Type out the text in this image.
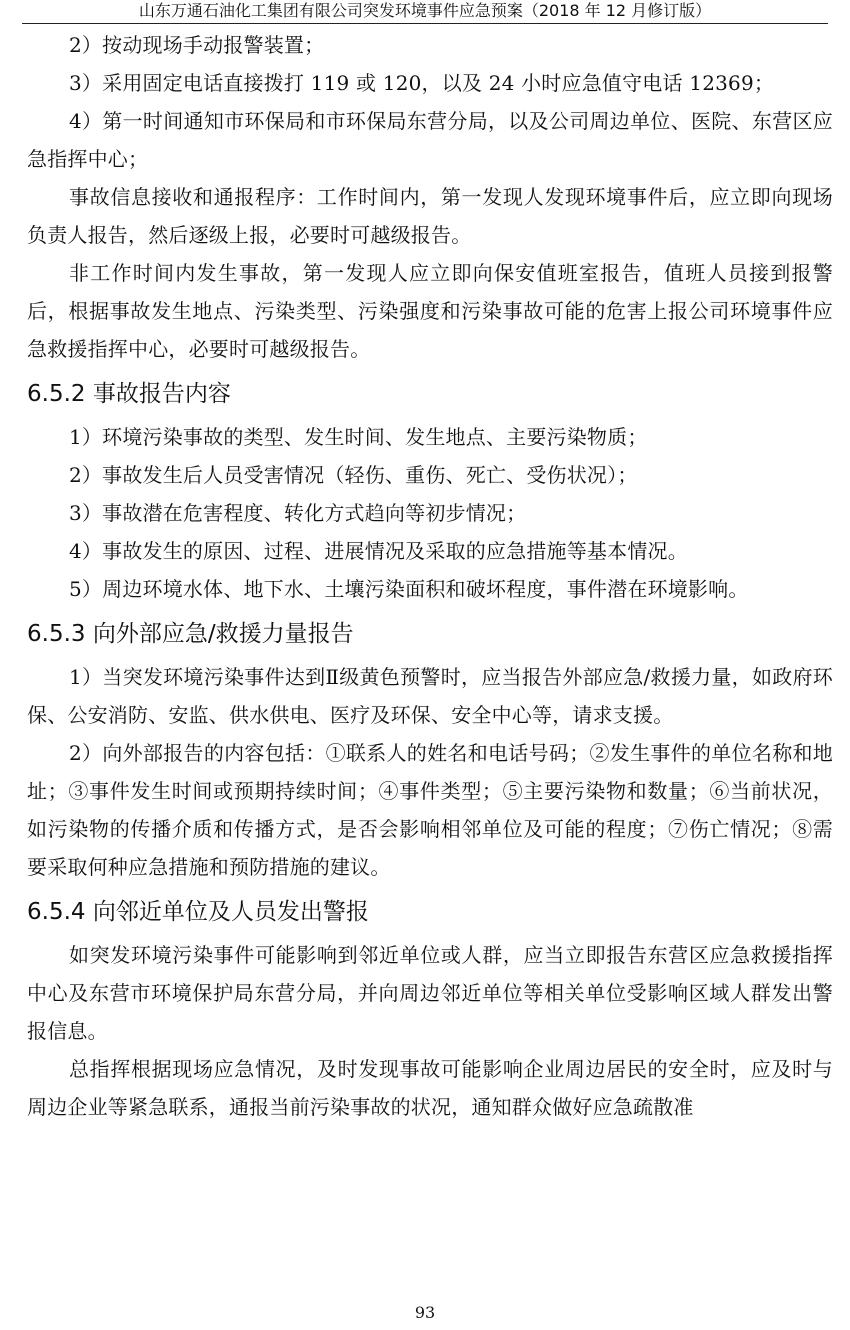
山东万通石油化工集团有限公司突发环境事件应急预案（2018 年 12 月修订版）

2）按动现场手动报警装置；

3）采用固定电话直接拨打 119 或 120，以及 24 小时应急值守电话 12369；

4）第一时间通知市环保局和市环保局东营分局，以及公司周边单位、医院、东营区应急指挥中心；

事故信息接收和通报程序：工作时间内，第一发现人发现环境事件后，应立即向现场负责人报告，然后逐级上报，必要时可越级报告。

非工作时间内发生事故，第一发现人应立即向保安值班室报告，值班人员接到报警后，根据事故发生地点、污染类型、污染强度和污染事故可能的危害上报公司环境事件应急救援指挥中心，必要时可越级报告。

6.5.2 事故报告内容

1）环境污染事故的类型、发生时间、发生地点、主要污染物质；

2）事故发生后人员受害情况（轻伤、重伤、死亡、受伤状况）；

3）事故潜在危害程度、转化方式趋向等初步情况；

4）事故发生的原因、过程、进展情况及采取的应急措施等基本情况。

5）周边环境水体、地下水、土壤污染面积和破坏程度，事件潜在环境影响。

6.5.3 向外部应急/救援力量报告

1）当突发环境污染事件达到Ⅱ级黄色预警时，应当报告外部应急/救援力量，如政府环保、公安消防、安监、供水供电、医疗及环保、安全中心等，请求支援。

2）向外部报告的内容包括：①联系人的姓名和电话号码；②发生事件的单位名称和地址；③事件发生时间或预期持续时间；④事件类型；⑤主要污染物和数量；⑥当前状况，如污染物的传播介质和传播方式，是否会影响相邻单位及可能的程度；⑦伤亡情况；⑧需要采取何种应急措施和预防措施的建议。

6.5.4 向邻近单位及人员发出警报

如突发环境污染事件可能影响到邻近单位或人群，应当立即报告东营区应急救援指挥中心及东营市环境保护局东营分局，并向周边邻近单位等相关单位受影响区域人群发出警报信息。

总指挥根据现场应急情况，及时发现事故可能影响企业周边居民的安全时，应及时与周边企业等紧急联系，通报当前污染事故的状况，通知群众做好应急疏散准

93
